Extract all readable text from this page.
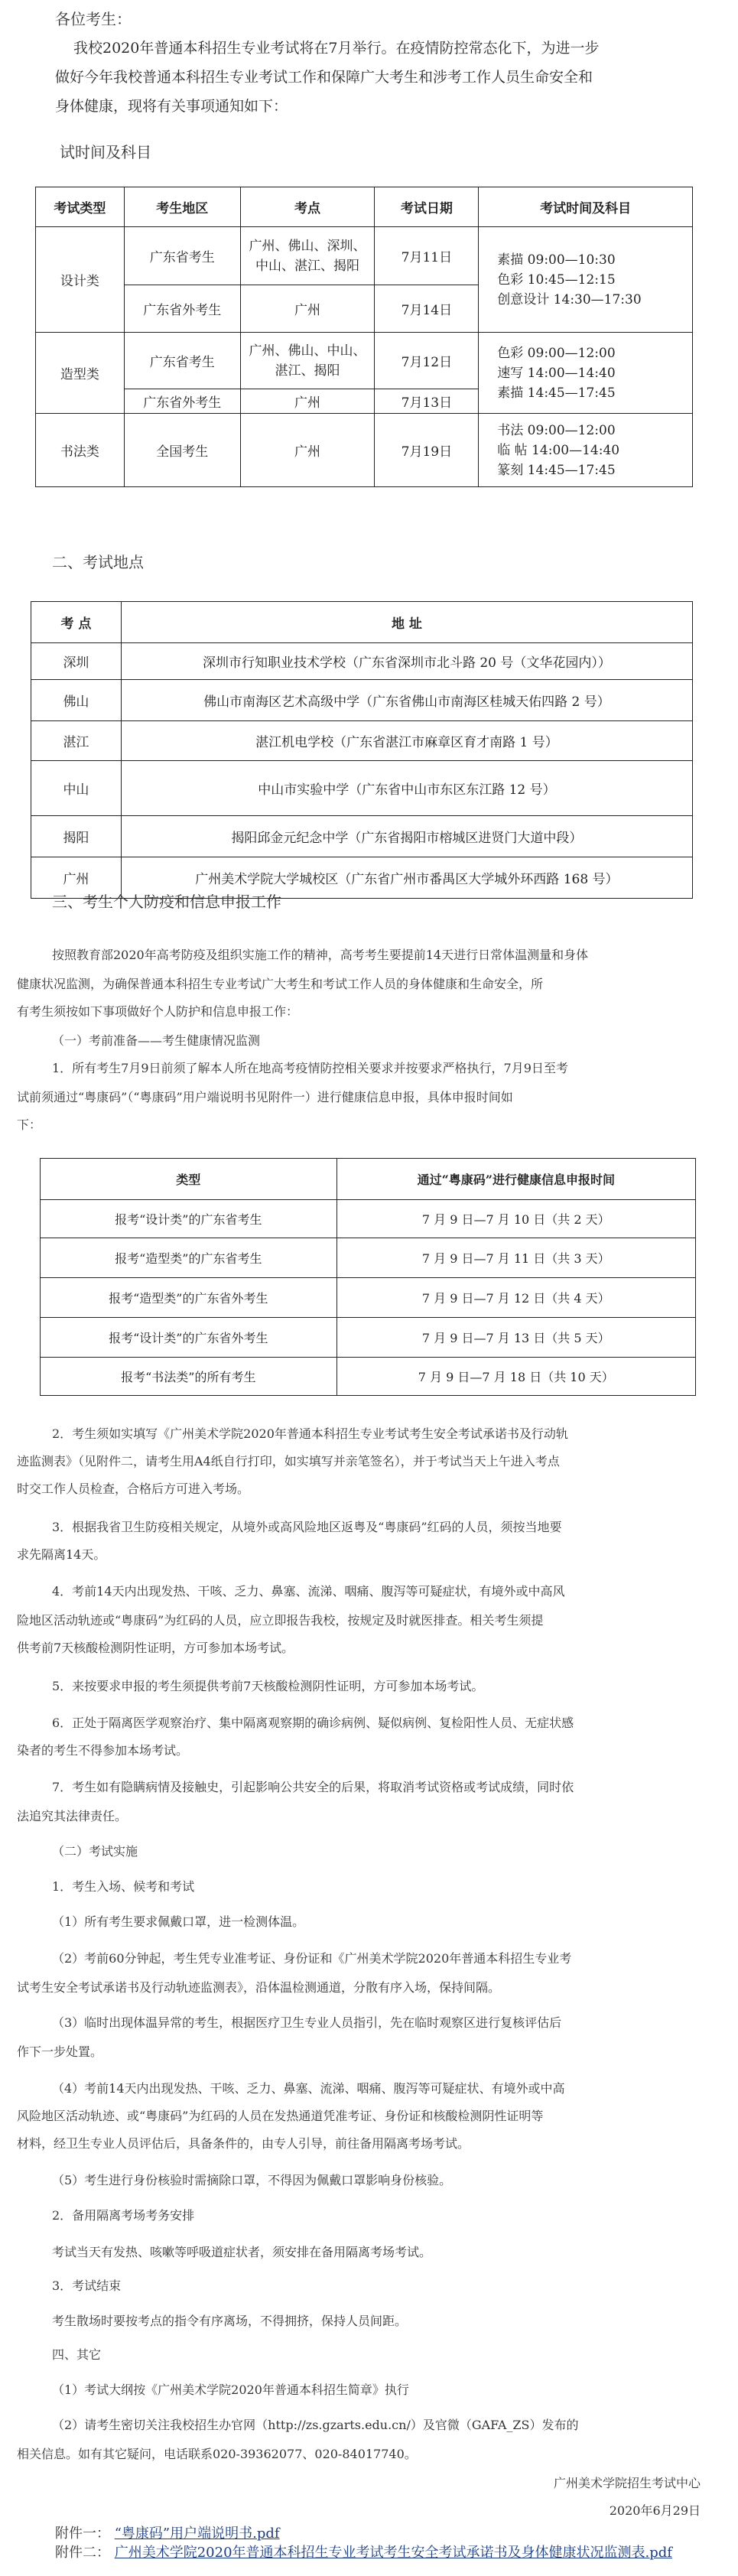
各位考生：

我校2020年普通本科招生专业考试将在7月举行。在疫情防控常态化下，为进一步

做好今年我校普通本科招生专业考试工作和保障广大考生和涉考工作人员生命安全和

身体健康，现将有关事项通知如下：

试时间及科目

考试类型	考生地区	考点	考试日期	考试时间及科目
设计类	广东省考生	广州、佛山、深圳、
中山、湛江、揭阳	7月11日	素描 09:00—10:30
色彩 10:45—12:15
创意设计 14:30—17:30
	广东省外考生	广州	7月14日	
造型类	广东省考生	广州、佛山、中山、
湛江、揭阳	7月12日	色彩 09:00—12:00
速写 14:00—14:40
素描 14:45—17:45
	广东省外考生	广州	7月13日	
书法类	全国考生	广州	7月19日	书法 09:00—12:00
临 帖 14:00—14:40
篆刻 14:45—17:45

二、考试地点

考 点	地 址
深圳	深圳市行知职业技术学校（广东省深圳市北斗路 20 号（文华花园内））
佛山	佛山市南海区艺术高级中学（广东省佛山市南海区桂城天佑四路 2 号）
湛江	湛江机电学校（广东省湛江市麻章区育才南路 1 号）
中山	中山市实验中学（广东省中山市东区东江路 12 号）
揭阳	揭阳邱金元纪念中学（广东省揭阳市榕城区进贤门大道中段）
广州	广州美术学院大学城校区（广东省广州市番禺区大学城外环西路 168 号）

三、考生个人防疫和信息申报工作

按照教育部2020年高考防疫及组织实施工作的精神，高考考生要提前14天进行日常体温测量和身体
健康状况监测，为确保普通本科招生专业考试广大考生和考试工作人员的身体健康和生命安全，所
有考生须按如下事项做好个人防护和信息申报工作：
（一）考前准备——考生健康情况监测
1．所有考生7月9日前须了解本人所在地高考疫情防控相关要求并按要求严格执行，7月9日至考
试前须通过“粤康码”（“粤康码”用户端说明书见附件一）进行健康信息申报，具体申报时间如
下：
类型	通过“粤康码”进行健康信息申报时间
报考“设计类”的广东省考生	7 月 9 日—7 月 10 日（共 2 天）
报考“造型类”的广东省考生	7 月 9 日—7 月 11 日（共 3 天）
报考“造型类”的广东省外考生	7 月 9 日—7 月 12 日（共 4 天）
报考“设计类”的广东省外考生	7 月 9 日—7 月 13 日（共 5 天）
报考“书法类”的所有考生	7 月 9 日—7 月 18 日（共 10 天）
2．考生须如实填写《广州美术学院2020年普通本科招生专业考试考生安全考试承诺书及行动轨
迹监测表》（见附件二，请考生用A4纸自行打印，如实填写并亲笔签名），并于考试当天上午进入考点
时交工作人员检查，合格后方可进入考场。
3．根据我省卫生防疫相关规定，从境外或高风险地区返粤及“粤康码”红码的人员，须按当地要
求先隔离14天。
4．考前14天内出现发热、干咳、乏力、鼻塞、流涕、咽痛、腹泻等可疑症状，有境外或中高风
险地区活动轨迹或“粤康码”为红码的人员，应立即报告我校，按规定及时就医排查。相关考生须提
供考前7天核酸检测阴性证明，方可参加本场考试。
5．来按要求申报的考生须提供考前7天核酸检测阴性证明，方可参加本场考试。
6．正处于隔离医学观察治疗、集中隔离观察期的确诊病例、疑似病例、复检阳性人员、无症状感
染者的考生不得参加本场考试。
7．考生如有隐瞒病情及接触史，引起影响公共安全的后果，将取消考试资格或考试成绩，同时依
法追究其法律责任。
（二）考试实施
1．考生入场、候考和考试
（1）所有考生要求佩戴口罩，进一检测体温。
（2）考前60分钟起，考生凭专业准考证、身份证和《广州美术学院2020年普通本科招生专业考
试考生安全考试承诺书及行动轨迹监测表》，沿体温检测通道，分散有序入场，保持间隔。
（3）临时出现体温异常的考生，根据医疗卫生专业人员指引，先在临时观察区进行复核评估后
作下一步处置。
（4）考前14天内出现发热、干咳、乏力、鼻塞、流涕、咽痛、腹泻等可疑症状、有境外或中高
风险地区活动轨迹、或“粤康码”为红码的人员在发热通道凭准考证、身份证和核酸检测阴性证明等
材料，经卫生专业人员评估后，具备条件的，由专人引导，前往备用隔离考场考试。
（5）考生进行身份核验时需摘除口罩，不得因为佩戴口罩影响身份核验。
2．备用隔离考场考务安排
考试当天有发热、咳嗽等呼吸道症状者，须安排在备用隔离考场考试。
3．考试结束
考生散场时要按考点的指令有序离场，不得拥挤，保持人员间距。
四、其它
（1）考试大纲按《广州美术学院2020年普通本科招生简章》执行
（2）请考生密切关注我校招生办官网（http://zs.gzarts.edu.cn/）及官微（GAFA_ZS）发布的
相关信息。如有其它疑问，电话联系020-39362077、020-84017740。
广州美术学院招生考试中心
2020年6月29日
附件一： “粤康码”用户端说明书.pdf
附件二： 广州美术学院2020年普通本科招生专业考试考生安全考试承诺书及身体健康状况监测表.pdf
